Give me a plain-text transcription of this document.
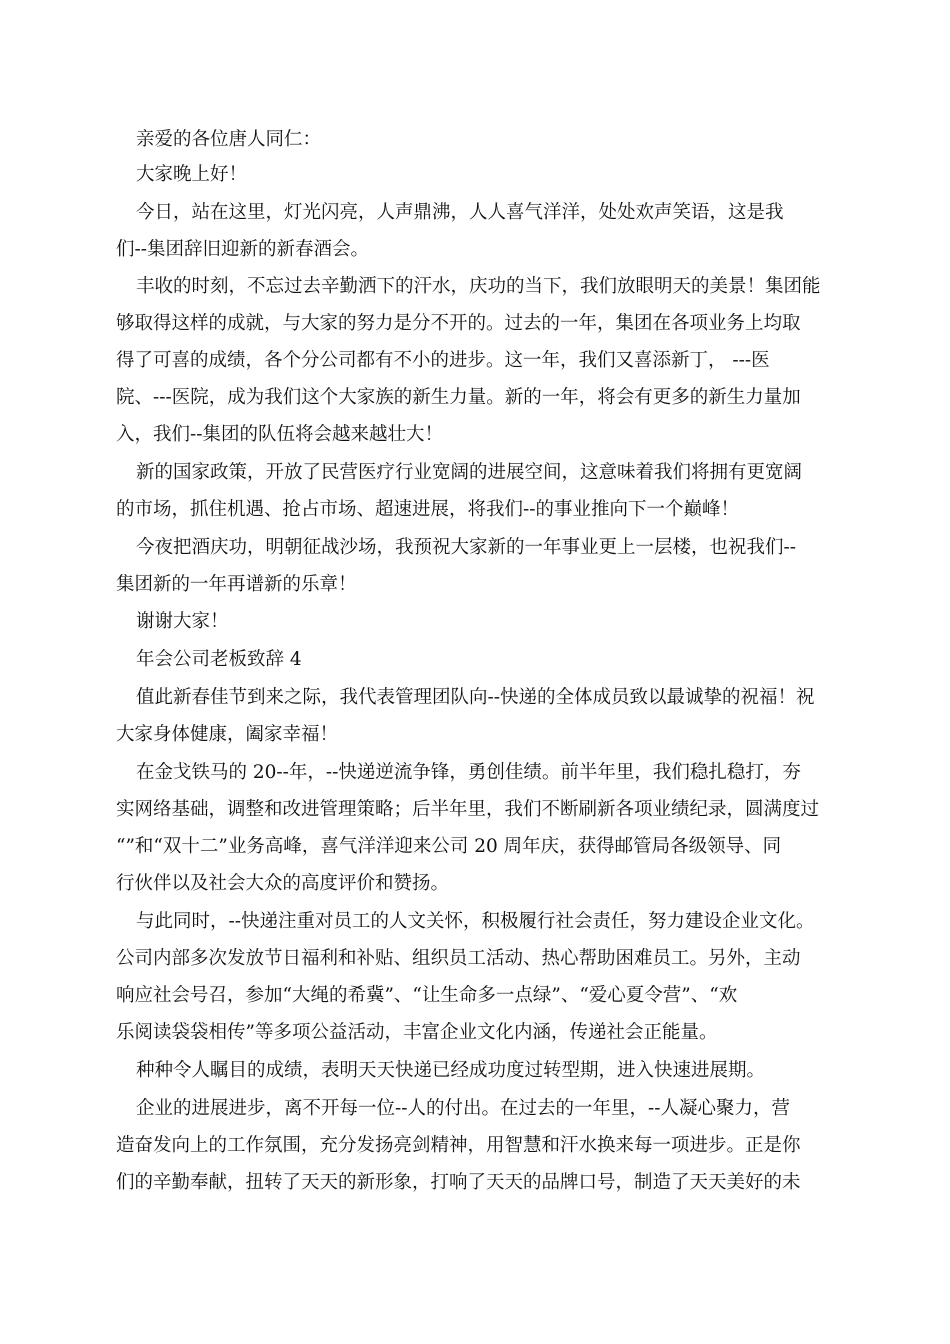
亲爱的各位唐人同仁：
大家晚上好！
今日，站在这里，灯光闪亮，人声鼎沸，人人喜气洋洋，处处欢声笑语，这是我
们--集团辞旧迎新的新春酒会。
丰收的时刻，不忘过去辛勤洒下的汗水，庆功的当下，我们放眼明天的美景！集团能
够取得这样的成就，与大家的努力是分不开的。过去的一年，集团在各项业务上均取
得了可喜的成绩，各个分公司都有不小的进步。这一年，我们又喜添新丁， ---医
院、---医院，成为我们这个大家族的新生力量。新的一年，将会有更多的新生力量加
入，我们--集团的队伍将会越来越壮大！
新的国家政策，开放了民营医疗行业宽阔的进展空间，这意味着我们将拥有更宽阔
的市场，抓住机遇、抢占市场、超速进展，将我们--的事业推向下一个巅峰！
今夜把酒庆功，明朝征战沙场，我预祝大家新的一年事业更上一层楼，也祝我们--
集团新的一年再谱新的乐章！
谢谢大家！
年会公司老板致辞 4
值此新春佳节到来之际，我代表管理团队向--快递的全体成员致以最诚挚的祝福！祝
大家身体健康，阖家幸福！
在金戈铁马的 20--年，--快递逆流争锋，勇创佳绩。前半年里，我们稳扎稳打，夯
实网络基础，调整和改进管理策略；后半年里，我们不断刷新各项业绩纪录，圆满度过
“”和“双十二”业务高峰，喜气洋洋迎来公司 20 周年庆，获得邮管局各级领导、同
行伙伴以及社会大众的高度评价和赞扬。
与此同时，--快递注重对员工的人文关怀，积极履行社会责任，努力建设企业文化。
公司内部多次发放节日福利和补贴、组织员工活动、热心帮助困难员工。另外，主动
响应社会号召，参加“大绳的希冀”、“让生命多一点绿”、“爱心夏令营”、“欢
乐阅读袋袋相传”等多项公益活动，丰富企业文化内涵，传递社会正能量。
种种令人瞩目的成绩，表明天天快递已经成功度过转型期，进入快速进展期。
企业的进展进步，离不开每一位--人的付出。在过去的一年里，--人凝心聚力，营
造奋发向上的工作氛围，充分发扬亮剑精神，用智慧和汗水换来每一项进步。正是你
们的辛勤奉献，扭转了天天的新形象，打响了天天的品牌口号，制造了天天美好的未
